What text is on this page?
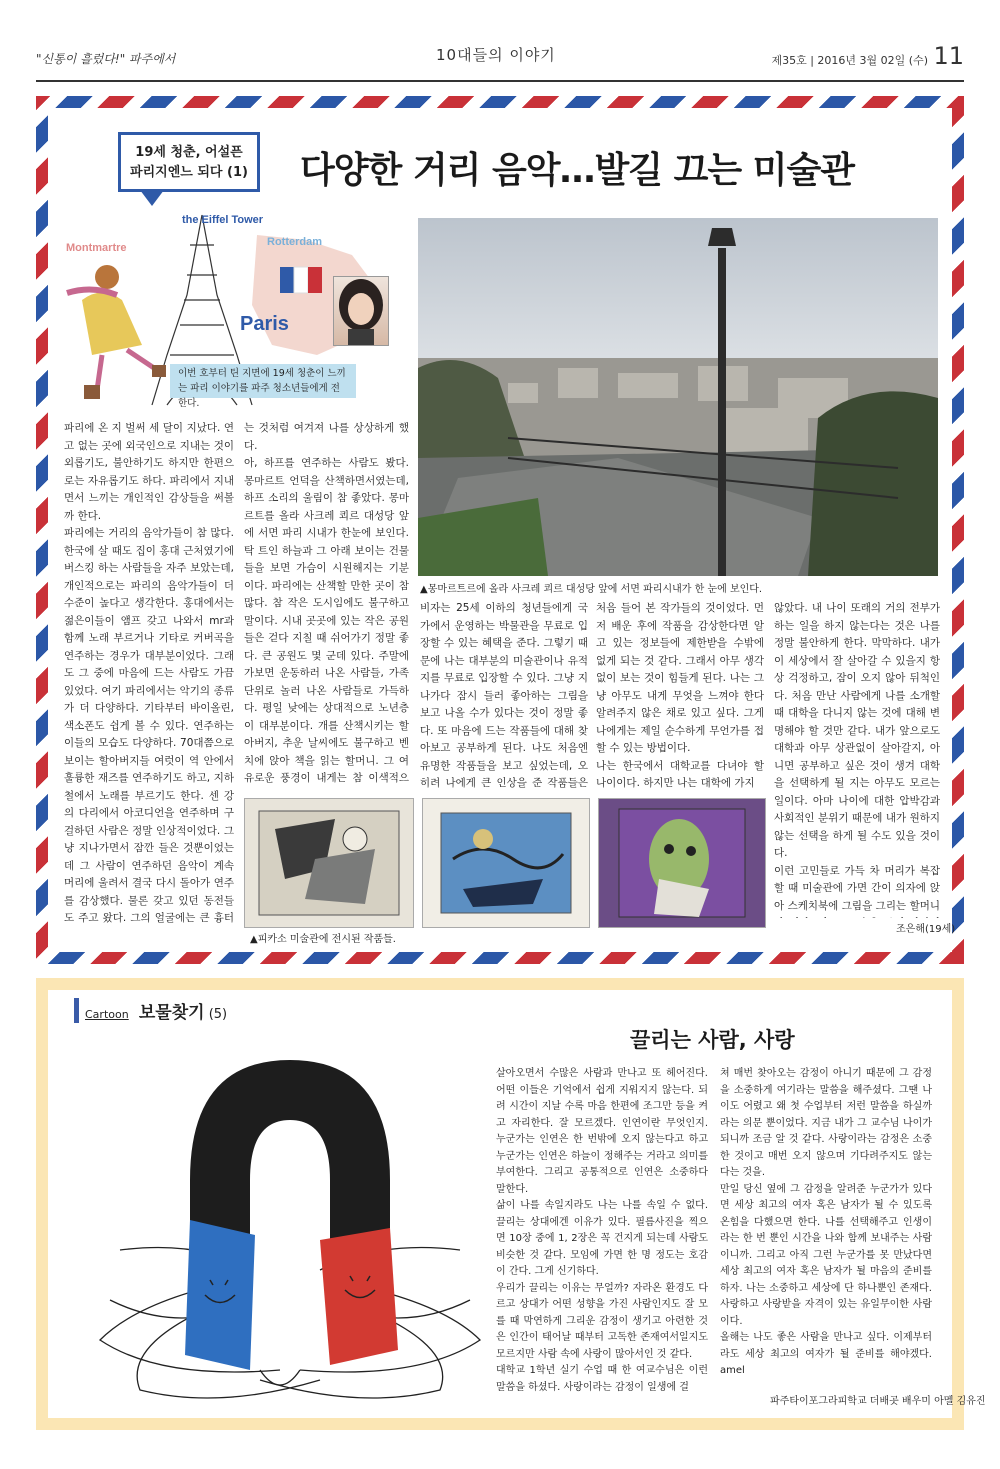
"신통이 흘렀다!" 파주에서	10대들의 이야기	제35호 | 2016년 3월 02일 (수) 11
19세 청춘, 어설픈
파리지엔느 되다 (1) 다양한 거리 음악…발길 끄는 미술관
the Eiffel Tower
Montmartre	Rotterdam
Paris
이번 호부터 틴 지면에 19세 청춘이 느끼는 파리 이야기를 파주 청소년들에게 전한다.
▲몽마르트르에 올라 사크레 쾨르 대성당 앞에 서면 파리시내가 한 눈에 보인다.
파리에 온 지 벌써 세 달이 지났다. 연고 없는 곳에 외국인으로 지내는 것이 외롭기도, 불안하기도 하지만 한편으로는 자유롭기도 하다. 파리에서 지내면서 느끼는 개인적인 감상들을 써볼까 한다.
파리에는 거리의 음악가들이 참 많다. 한국에 살 때도 집이 홍대 근처였기에 버스킹 하는 사람들을 자주 보았는데, 개인적으로는 파리의 음악가들이 더 수준이 높다고 생각한다. 홍대에서는 젊은이들이 앰프 갖고 나와서 mr과 함께 노래 부르거나 기타로 커버곡을 연주하는 경우가 대부분이었다. 그래도 그 중에 마음에 드는 사람도 가끔 있었다. 여기 파리에서는 악기의 종류가 더 다양하다. 기타부터 바이올린, 색소폰도 쉽게 볼 수 있다. 연주하는 이들의 모습도 다양하다. 70대쯤으로 보이는 할아버지들 여럿이 역 안에서 훌륭한 재즈를 연주하기도 하고, 지하철에서 노래를 부르기도 한다. 센 강의 다리에서 아코디언을 연주하며 구걸하던 사람은 정말 인상적이었다. 그냥 지나가면서 잠깐 들은 것뿐이었는데 그 사람이 연주하던 음악이 계속 머리에 울려서 결국 다시 돌아가 연주를 감상했다. 물론 갖고 있던 동전들도 주고 왔다. 그의 얼굴에는 큰 흉터
는 것처럼 여겨져 나를 상상하게 했다.
아, 하프를 연주하는 사람도 봤다. 몽마르트 언덕을 산책하면서였는데, 하프 소리의 울림이 참 좋았다. 몽마르트를 올라 사크레 쾨르 대성당 앞에 서면 파리 시내가 한눈에 보인다. 탁 트인 하늘과 그 아래 보이는 건물들을 보면 가슴이 시원해지는 기분이다. 파리에는 산책할 만한 곳이 참 많다. 참 작은 도시임에도 불구하고 말이다. 시내 곳곳에 있는 작은 공원들은 걷다 지칠 때 쉬어가기 정말 좋다. 큰 공원도 몇 군데 있다. 주말에 가보면 운동하러 나온 사람들, 가족 단위로 놀러 나온 사람들로 가득하다. 평일 낮에는 상대적으로 노년층이 대부분이다. 개를 산책시키는 할아버지, 추운 날씨에도 불구하고 벤치에 앉아 책을 읽는 할머니. 그 여유로운 풍경이 내게는 참 이색적으

비자는 25세 이하의 청년들에게 국가에서 운영하는 박물관을 무료로 입장할 수 있는 혜택을 준다. 그렇기 때문에 나는 대부분의 미술관이나 유적지를 무료로 입장할 수 있다. 그냥 지나가다 잠시 들러 좋아하는 그림을 보고 나올 수가 있다는 것이 정말 좋다. 또 마음에 드는 작품들에 대해 찾아보고 공부하게 된다. 나도 처음엔 유명한 작품들을 보고 싶었는데, 오히려 나에게 큰 인상을 준 작품들은
처음 들어 본 작가들의 것이었다. 먼저 배운 후에 작품을 감상한다면 알고 있는 정보들에 제한받을 수밖에 없게 되는 것 같다. 그래서 아무 생각 없이 보는 것이 힘들게 된다. 나는 그냥 아무도 내게 무엇을 느껴야 한다 알려주지 않은 채로 있고 싶다. 그게 나에게는 제일 순수하게 무언가를 접할 수 있는 방법이다.
나는 한국에서 대학교를 다녀야 할 나이이다. 하지만 나는 대학에 가지
않았다. 내 나이 또래의 거의 전부가 하는 일을 하지 않는다는 것은 나를 정말 불안하게 한다. 막막하다. 내가 이 세상에서 잘 살아갈 수 있을지 항상 걱정하고, 잠이 오지 않아 뒤척인다. 처음 만난 사람에게 나를 소개할 때 대학을 다니지 않는 것에 대해 변명해야 할 것만 같다. 내가 앞으로도 대학과 아무 상관없이 살아갈지, 아니면 공부하고 싶은 것이 생겨 대학을 선택하게 될 지는 아무도 모르는 일이다. 아마 나이에 대한 압박감과 사회적인 분위기 때문에 내가 원하지 않는 선택을 하게 될 수도 있을 것이다.
이런 고민들로 가득 차 머리가 복잡할 때 미술관에 가면 간이 의자에 앉아 스케치북에 그림을 그리는 할머니
조은해(19세)
▲피카소 미술관에 전시된 작품들.
Cartoon 보물찾기 (5)
끌리는 사람, 사랑
살아오면서 수많은 사람과 만나고 또 헤어진다. 어떤 이들은 기억에서 쉽게 지워지지 않는다. 되려 시간이 지날 수록 마음 한편에 조그만 등을 켜고 자리한다. 잘 모르겠다. 인연이란 무엇인지. 누군가는 인연은 한 번밖에 오지 않는다고 하고 누군가는 인연은 하늘이 정해주는 거라고 의미를 부여한다. 그리고 공통적으로 인연은 소중하다 말한다.
삶이 나를 속일지라도 나는 나를 속일 수 없다. 끌리는 상대에겐 이유가 있다. 필름사진을 찍으면 10장 중에 1, 2장은 꼭 건지게 되는데 사람도 비슷한 것 같다. 모임에 가면 한 명 정도는 호감이 간다. 그게 신기하다.
우리가 끌리는 이유는 무얼까? 자라온 환경도 다르고 상대가 어떤 성향을 가진 사람인지도 잘 모를 때 막연하게 그리운 감정이 생기고 아련한 것은 인간이 태어날 때부터 고독한 존재여서일지도 모르지만 사람 속에 사랑이 많아서인 것 같다.
대학교 1학년 실기 수업 때 한 여교수님은 이런 말씀을 하셨다. 사랑이라는 감정이 일생에 걸
쳐 매번 찾아오는 감정이 아니기 때문에 그 감정을 소중하게 여기라는 말씀을 해주셨다. 그땐 나이도 어렸고 왜 첫 수업부터 저런 말씀을 하실까라는 의문 뿐이었다. 지금 내가 그 교수님 나이가 되니까 조금 알 것 같다. 사랑이라는 감정은 소중한 것이고 매번 오지 않으며 기다려주지도 않는 다는 것을.
만일 당신 옆에 그 감정을 알려준 누군가가 있다면 세상 최고의 여자 혹은 남자가 될 수 있도록 온힘을 다했으면 한다. 나를 선택해주고 인생이라는 한 번 뿐인 시간을 나와 함께 보내주는 사람이니까. 그리고 아직 그런 누군가를 못 만났다면 세상 최고의 여자 혹은 남자가 될 마음의 준비를 하자. 나는 소중하고 세상에 단 하나뿐인 존재다. 사랑하고 사랑받을 자격이 있는 유일무이한 사람이다.
올해는 나도 좋은 사람을 만나고 싶다. 이제부터라도 세상 최고의 여자가 될 준비를 해야겠다. amel
파주타이포그라피학교 더배곳 배우미 아멜 김유진
